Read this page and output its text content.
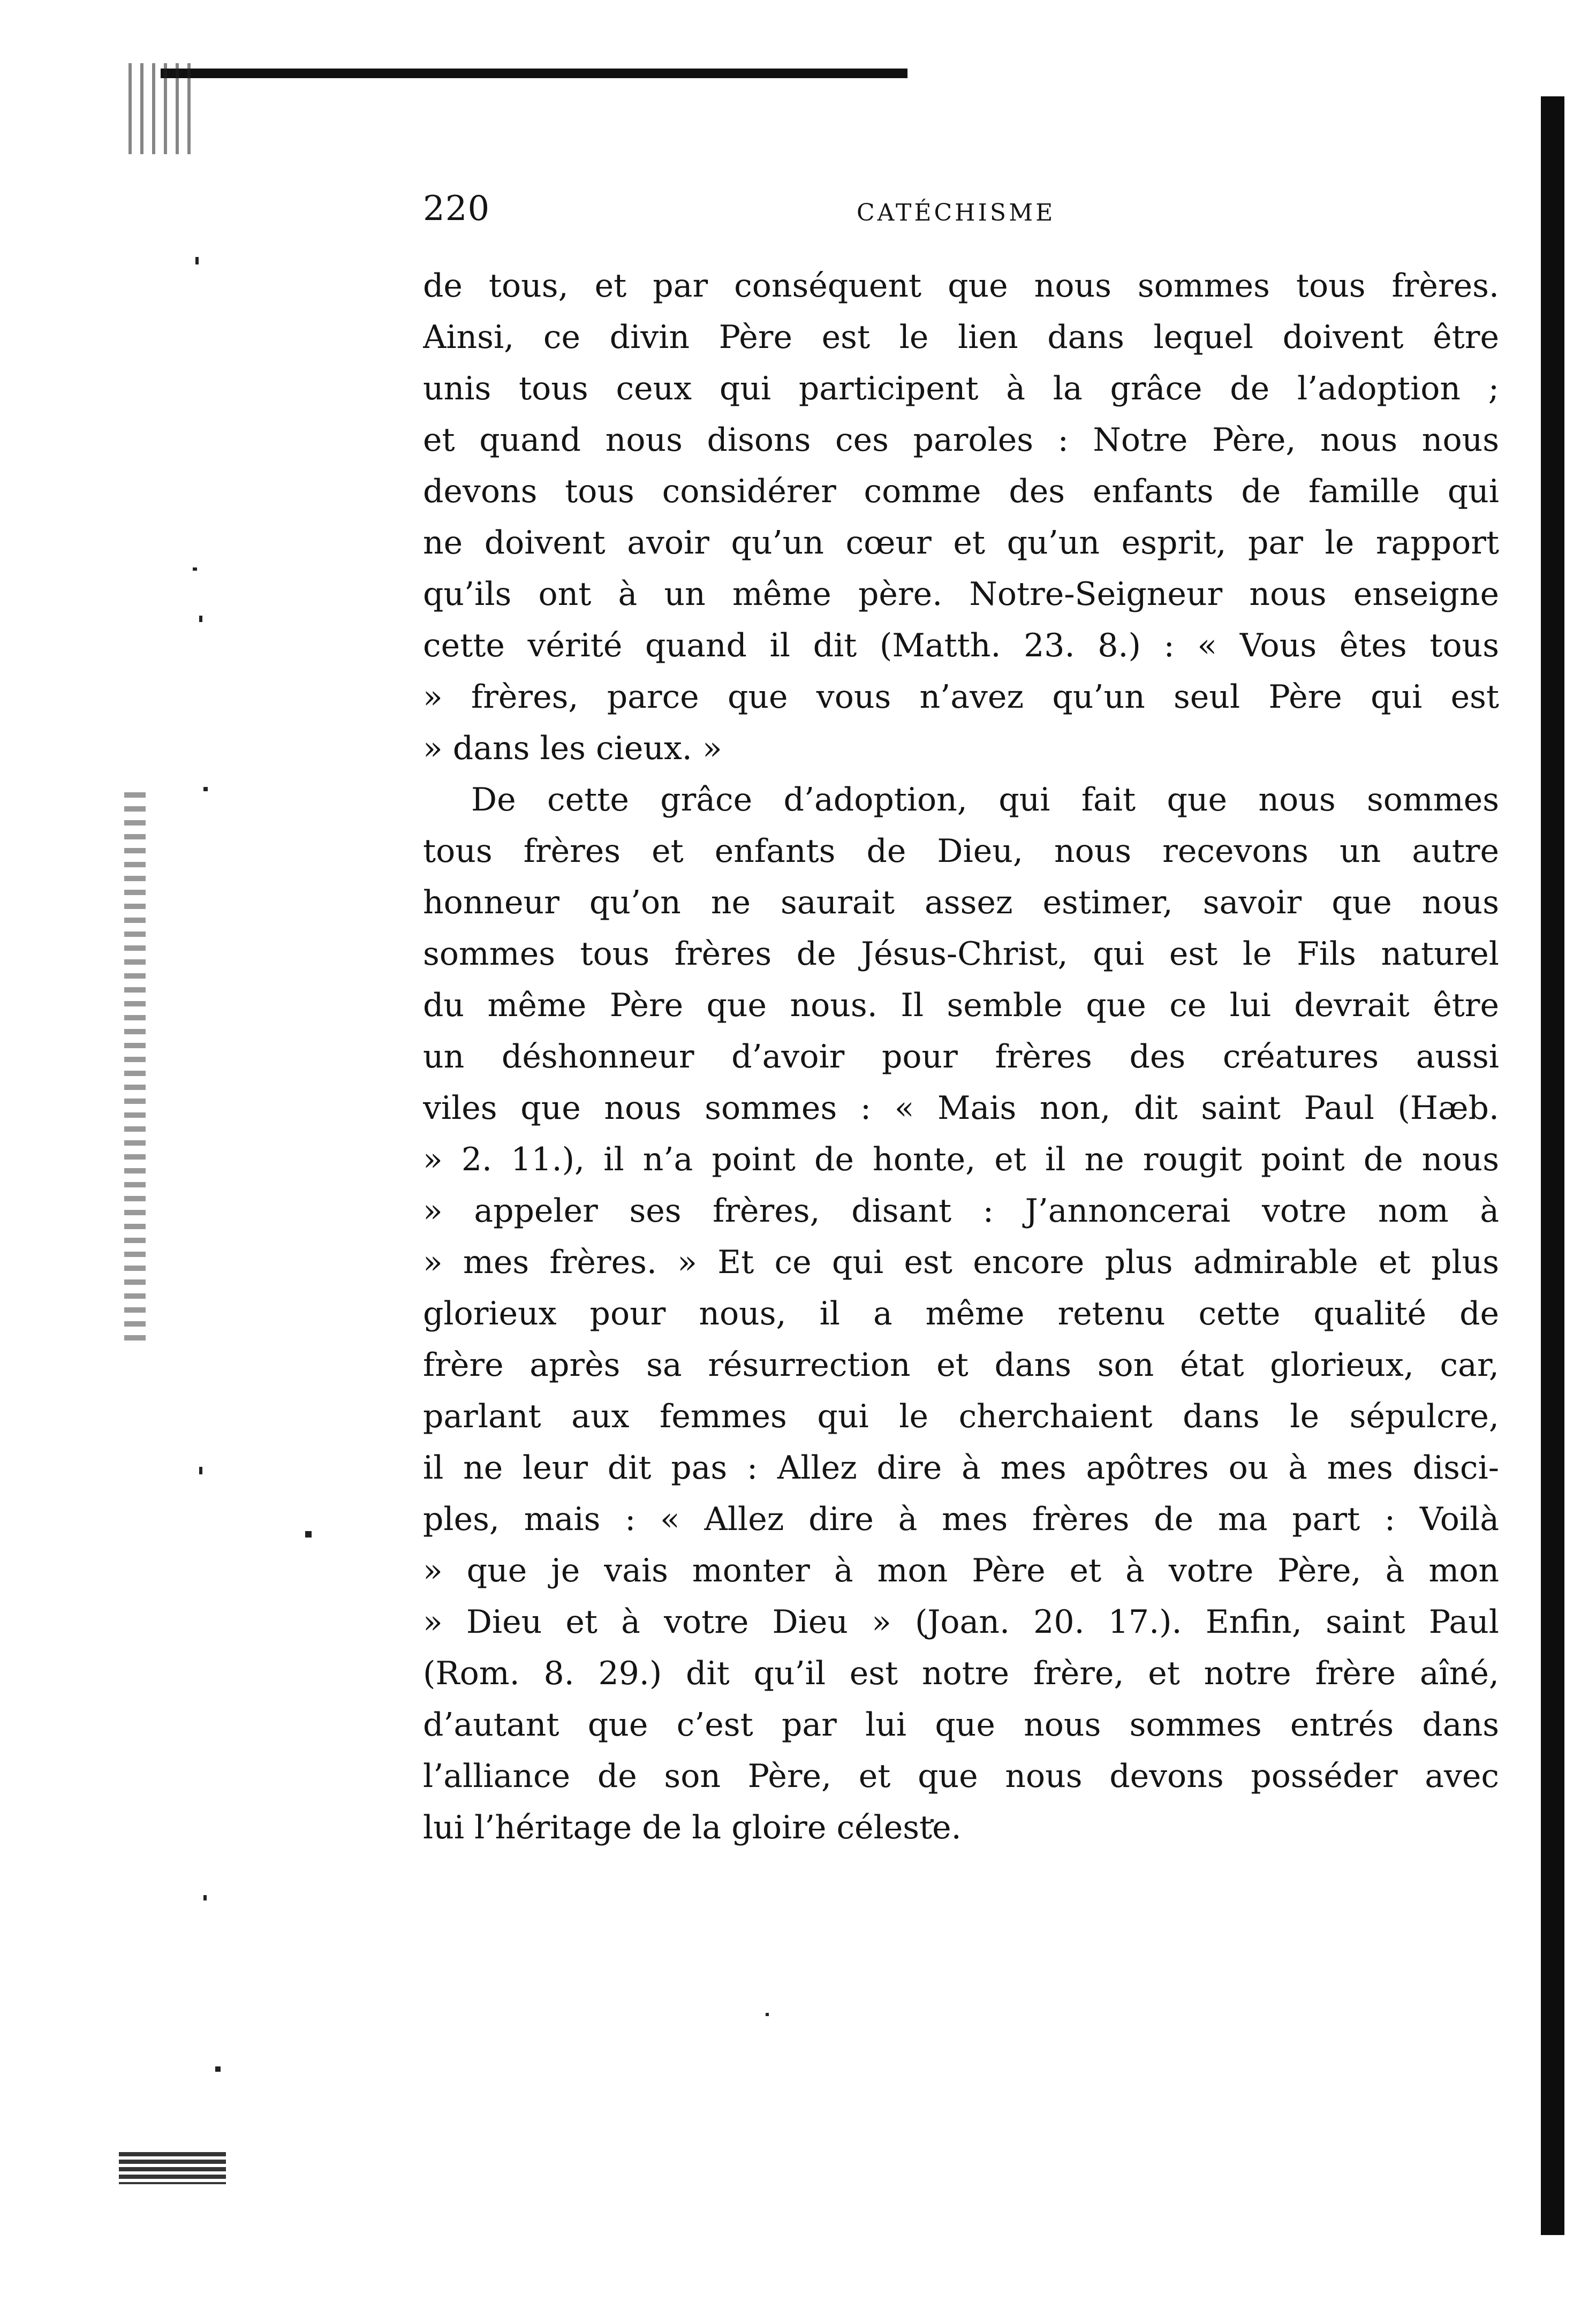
220	CATÉCHISME
de tous, et par conséquent que nous sommes tous frères.
Ainsi, ce divin Père est le lien dans lequel doivent être
unis tous ceux qui participent à la grâce de l’adoption ;
et quand nous disons ces paroles : Notre Père, nous nous
devons tous considérer comme des enfants de famille qui
ne doivent avoir qu’un cœur et qu’un esprit, par le rapport
qu’ils ont à un même père. Notre-Seigneur nous enseigne
cette vérité quand il dit (Matth. 23. 8.) : « Vous êtes tous
» frères, parce que vous n’avez qu’un seul Père qui est
» dans les cieux. »
De cette grâce d’adoption, qui fait que nous sommes
tous frères et enfants de Dieu, nous recevons un autre
honneur qu’on ne saurait assez estimer, savoir que nous
sommes tous frères de Jésus-Christ, qui est le Fils naturel
du même Père que nous. Il semble que ce lui devrait être
un déshonneur d’avoir pour frères des créatures aussi
viles que nous sommes : « Mais non, dit saint Paul (Hæb.
» 2. 11.), il n’a point de honte, et il ne rougit point de nous
» appeler ses frères, disant : J’annoncerai votre nom à
» mes frères. » Et ce qui est encore plus admirable et plus
glorieux pour nous, il a même retenu cette qualité de
frère après sa résurrection et dans son état glorieux, car,
parlant aux femmes qui le cherchaient dans le sépulcre,
il ne leur dit pas : Allez dire à mes apôtres ou à mes disci-
ples, mais : « Allez dire à mes frères de ma part : Voilà
» que je vais monter à mon Père et à votre Père, à mon
» Dieu et à votre Dieu » (Joan. 20. 17.). Enfin, saint Paul
(Rom. 8. 29.) dit qu’il est notre frère, et notre frère aîné,
d’autant que c’est par lui que nous sommes entrés dans
l’alliance de son Père, et que nous devons posséder avec
lui l’héritage de la gloire céleste.
